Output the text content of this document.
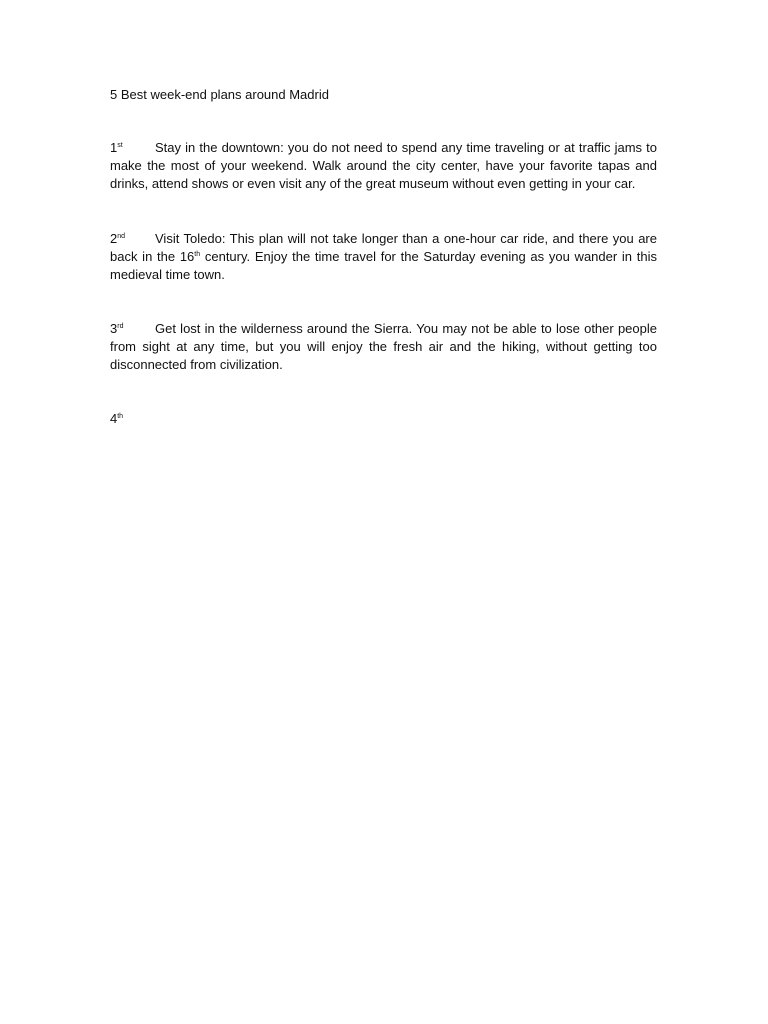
5 Best week-end plans around Madrid

1st Stay in the downtown: you do not need to spend any time traveling or at traffic jams to make the most of your weekend. Walk around the city center, have your favorite tapas and drinks, attend shows or even visit any of the great museum without even getting in your car.

2nd Visit Toledo: This plan will not take longer than a one-hour car ride, and there you are back in the 16th century. Enjoy the time travel for the Saturday evening as you wander in this medieval time town.

3rd Get lost in the wilderness around the Sierra. You may not be able to lose other people from sight at any time, but you will enjoy the fresh air and the hiking, without getting too disconnected from civilization.

4th
